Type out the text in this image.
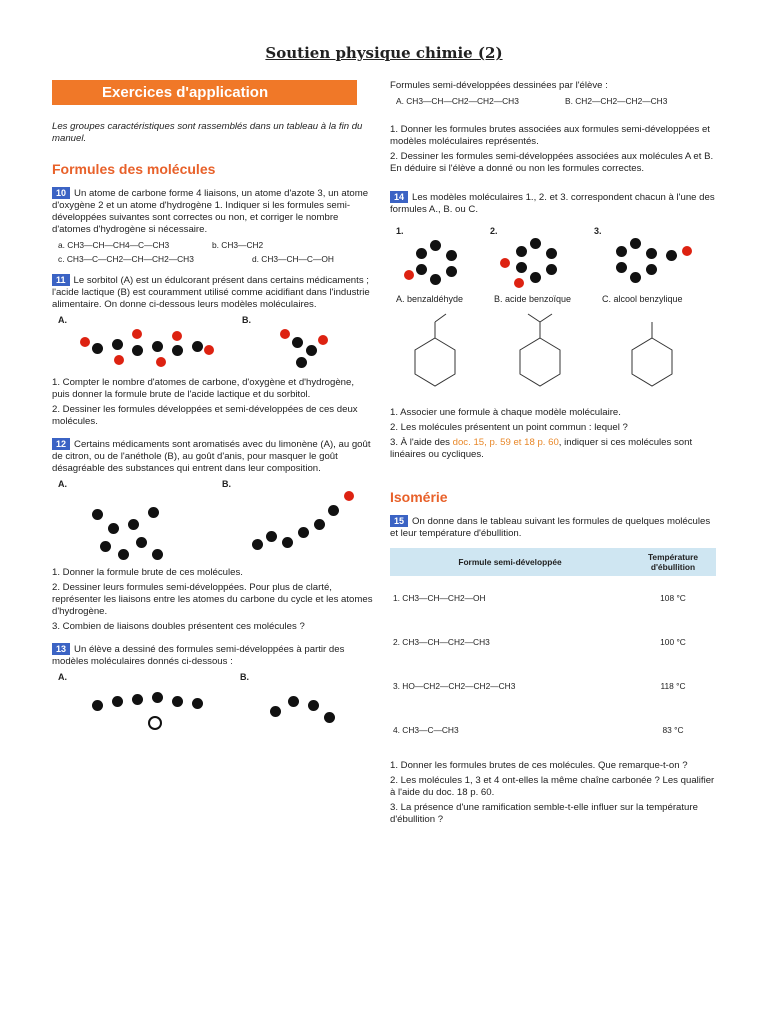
Soutien physique chimie (2)
Exercices d'application

Les groupes caractéristiques sont rassemblés dans un tableau à la fin du manuel.

Formules des molécules

10 Un atome de carbone forme 4 liaisons, un atome d'azote 3, un atome d'oxygène 2 et un atome d'hydrogène 1. Indiquer si les formules semi-développées suivantes sont correctes ou non, et corriger le nombre d'atomes d'hydrogène si nécessaire.

a. CH3—CH—CH4—C—CH3	b. CH3—CH2
c. CH3—C—CH2—CH—CH2—CH3	d. CH3—CH—C—OH

11 Le sorbitol (A) est un édulcorant présent dans certains médicaments ; l'acide lactique (B) est couramment utilisé comme acidifiant dans l'industrie alimentaire. On donne ci-dessous leurs modèles moléculaires.

A.	B.

1. Compter le nombre d'atomes de carbone, d'oxygène et d'hydrogène, puis donner la formule brute de l'acide lactique et du sorbitol.

2. Dessiner les formules développées et semi-développées de ces deux molécules.

12 Certains médicaments sont aromatisés avec du limonène (A), au goût de citron, ou de l'anéthole (B), au goût d'anis, pour masquer le goût désagréable des substances qui entrent dans leur composition.

A.	B.

1. Donner la formule brute de ces molécules.

2. Dessiner leurs formules semi-développées. Pour plus de clarté, représenter les liaisons entre les atomes du carbone du cycle et les atomes d'hydrogène.

3. Combien de liaisons doubles présentent ces molécules ?

13 Un élève a dessiné des formules semi-développées à partir des modèles moléculaires donnés ci-dessous :

A.	B.

Formules semi-développées dessinées par l'élève :

A. CH3—CH—CH2—CH2—CH3	B. CH2—CH2—CH2—CH3

1. Donner les formules brutes associées aux formules semi-développées et modèles moléculaires représentés.

2. Dessiner les formules semi-développées associées aux molécules A et B. En déduire si l'élève a donné ou non les formules correctes.

14 Les modèles moléculaires 1., 2. et 3. correspondent chacun à l'une des formules A., B. ou C.

1.	2.	3.
A. benzaldéhyde	B. acide benzoïque	C. alcool benzylique

1. Associer une formule à chaque modèle moléculaire.

2. Les molécules présentent un point commun : lequel ?

3. À l'aide des doc. 15, p. 59 et 18 p. 60, indiquer si ces molécules sont linéaires ou cycliques.

Isomérie

15 On donne dans le tableau suivant les formules de quelques molécules et leur température d'ébullition.

Formule semi-développée	Température d'ébullition
1. CH3—CH—CH2—OH	108 °C
2. CH3—CH—CH2—CH3	100 °C
3. HO—CH2—CH2—CH2—CH3	118 °C
4. CH3—C—CH3	83 °C

1. Donner les formules brutes de ces molécules. Que remarque-t-on ?

2. Les molécules 1, 3 et 4 ont-elles la même chaîne carbonée ? Les qualifier à l'aide du doc. 18 p. 60.

3. La présence d'une ramification semble-t-elle influer sur la température d'ébullition ?
